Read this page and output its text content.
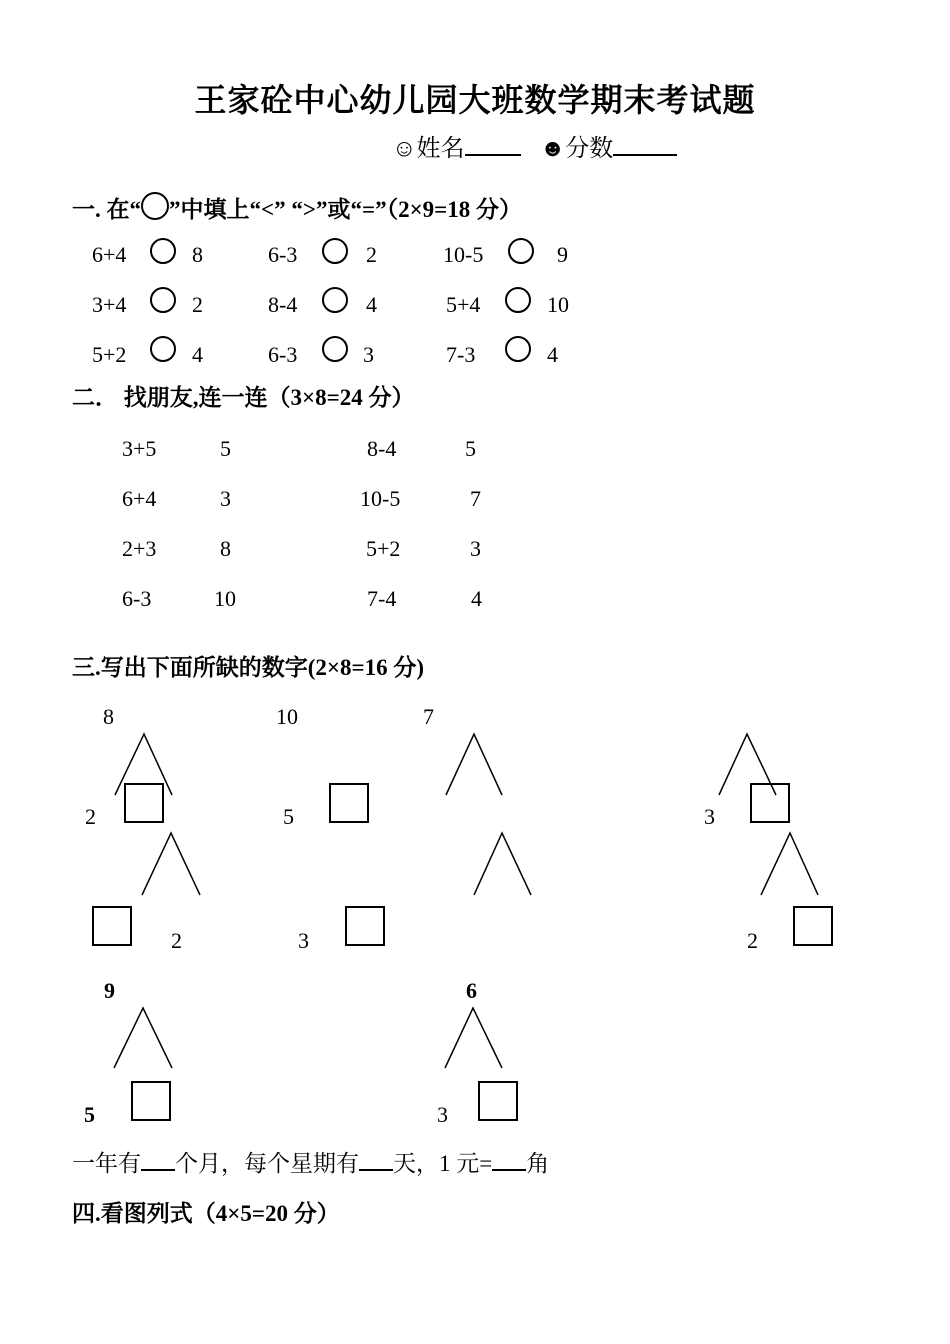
王家砼中心幼儿园大班数学期末考试题
☺姓名	☻分数
一. 在“ ”中填上“<” “>”或“=”（2×9=18 分）
6+4	8	6-3	2	10-5	9
3+4	2	8-4	4	5+4	10
5+2	4	6-3	3	7-3	4
二． 找朋友,连一连（3×8=24 分）
3+5	5	8-4	5
6+4	3	10-5	7
2+3	8	5+2	3
6-3	10	7-4	4
三.写出下面所缺的数字(2×8=16 分)
8
2
10
5
7
3
2	3	2
9
5
6
3
一年有 个月，每个星期有 天，1 元= 角
四.看图列式（4×5=20 分）
